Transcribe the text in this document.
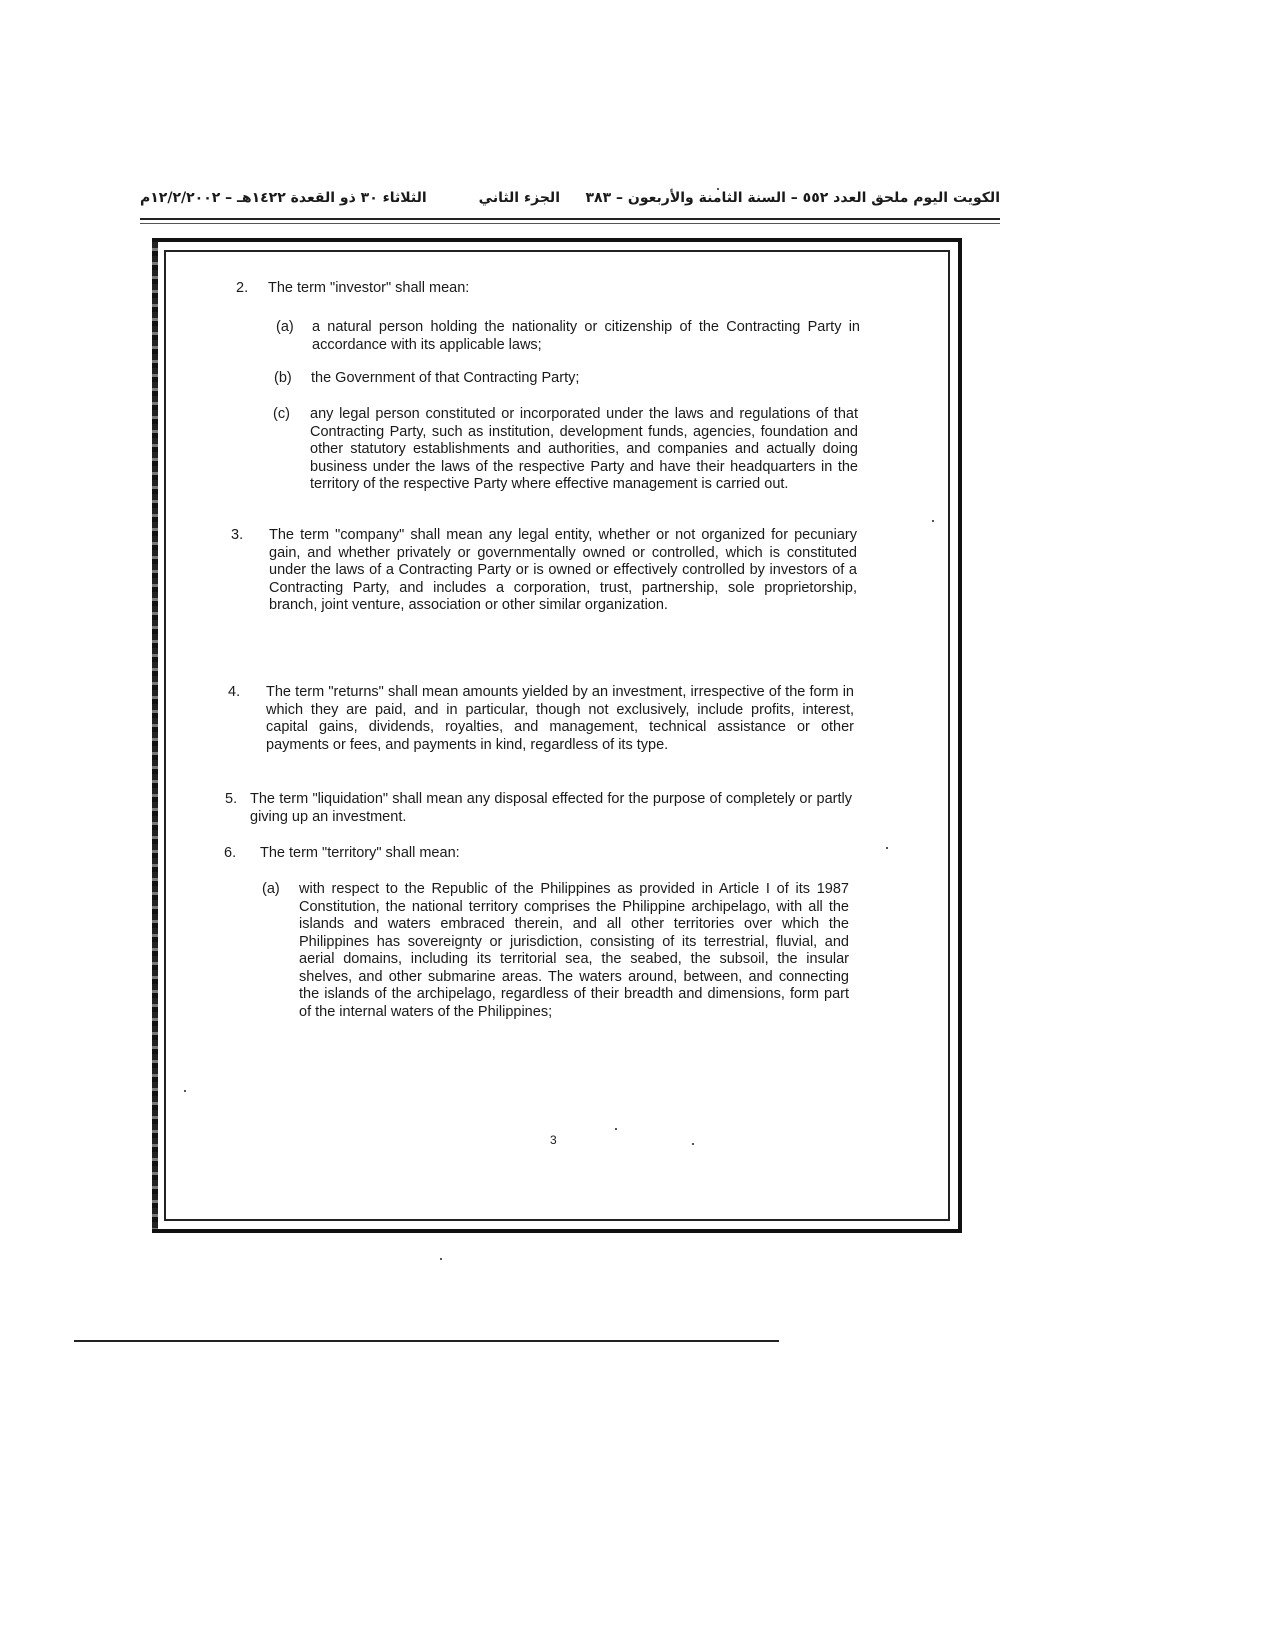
الكويت اليوم ملحق العدد ٥٥٢ – السنة الثامنة والأربعون – ٣٨٣
الجزء الثاني
الثلاثاء ٣٠ ذو القعدة ١٤٢٢هـ – ١٢/٢/٢٠٠٢م
2. The term "investor" shall mean:
(a) a natural person holding the nationality or citizenship of the Contracting Party in accordance with its applicable laws;
(b) the Government of that Contracting Party;
(c) any legal person constituted or incorporated under the laws and regulations of that Contracting Party, such as institution, development funds, agencies, foundation and other statutory establishments and authorities, and companies and actually doing business under the laws of the respective Party and have their headquarters in the territory of the respective Party where effective management is carried out.
3. The term "company" shall mean any legal entity, whether or not organized for pecuniary gain, and whether privately or governmentally owned or controlled, which is constituted under the laws of a Contracting Party or is owned or effectively controlled by investors of a Contracting Party, and includes a corporation, trust, partnership, sole proprietorship, branch, joint venture, association or other similar organization.
4. The term "returns" shall mean amounts yielded by an investment, irrespective of the form in which they are paid, and in particular, though not exclusively, include profits, interest, capital gains, dividends, royalties, and management, technical assistance or other payments or fees, and payments in kind, regardless of its type.
5. The term "liquidation" shall mean any disposal effected for the purpose of completely or partly giving up an investment.
6. The term "territory" shall mean:
(a) with respect to the Republic of the Philippines as provided in Article I of its 1987 Constitution, the national territory comprises the Philippine archipelago, with all the islands and waters embraced therein, and all other territories over which the Philippines has sovereignty or jurisdiction, consisting of its terrestrial, fluvial, and aerial domains, including its territorial sea, the seabed, the subsoil, the insular shelves, and other submarine areas. The waters around, between, and connecting the islands of the archipelago, regardless of their breadth and dimensions, form part of the internal waters of the Philippines;
3
